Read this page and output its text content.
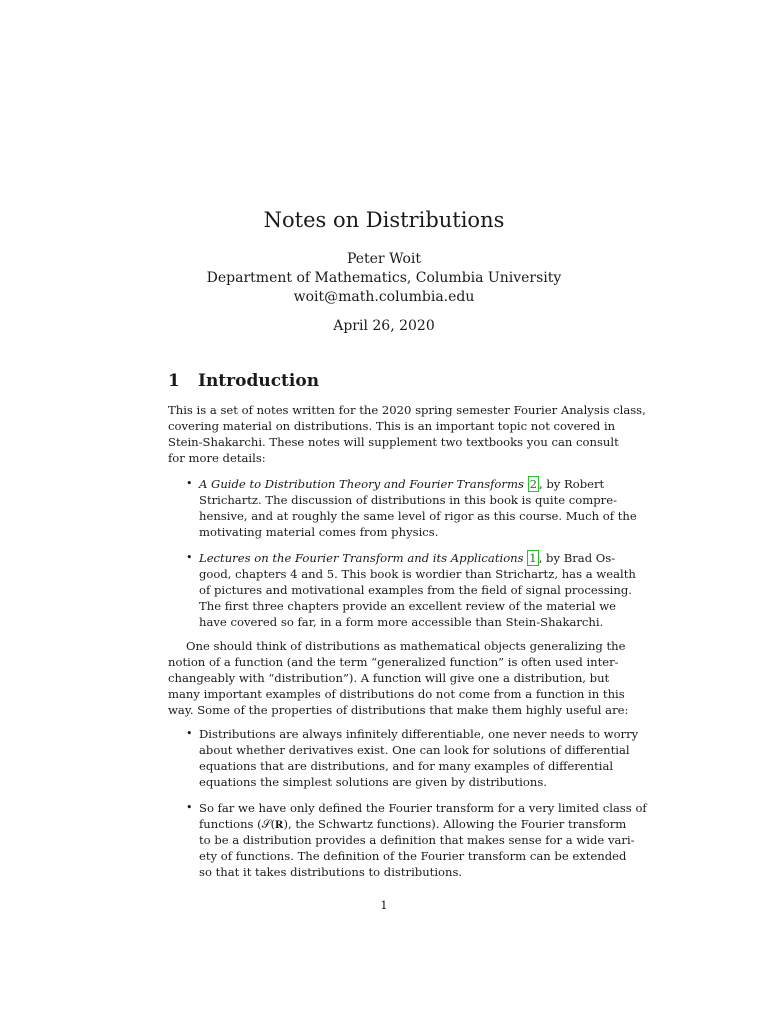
Notes on Distributions
Peter Woit
Department of Mathematics, Columbia University
woit@math.columbia.edu
April 26, 2020
1 Introduction
This is a set of notes written for the 2020 spring semester Fourier Analysis class,
covering material on distributions. This is an important topic not covered in
Stein-Shakarchi. These notes will supplement two textbooks you can consult
for more details:
• A Guide to Distribution Theory and Fourier Transforms 2 , by Robert
Strichartz. The discussion of distributions in this book is quite compre-
hensive, and at roughly the same level of rigor as this course. Much of the
motivating material comes from physics.
• Lectures on the Fourier Transform and its Applications 1 , by Brad Os-
good, chapters 4 and 5. This book is wordier than Strichartz, has a wealth
of pictures and motivational examples from the field of signal processing.
The first three chapters provide an excellent review of the material we
have covered so far, in a form more accessible than Stein-Shakarchi.
One should think of distributions as mathematical objects generalizing the
notion of a function (and the term “generalized function” is often used inter-
changeably with “distribution”). A function will give one a distribution, but
many important examples of distributions do not come from a function in this
way. Some of the properties of distributions that make them highly useful are:
• Distributions are always infinitely differentiable, one never needs to worry
about whether derivatives exist. One can look for solutions of differential
equations that are distributions, and for many examples of differential
equations the simplest solutions are given by distributions.
• So far we have only defined the Fourier transform for a very limited class of
functions (𝒮(𝐑), the Schwartz functions). Allowing the Fourier transform
to be a distribution provides a definition that makes sense for a wide vari-
ety of functions. The definition of the Fourier transform can be extended
so that it takes distributions to distributions.
1
